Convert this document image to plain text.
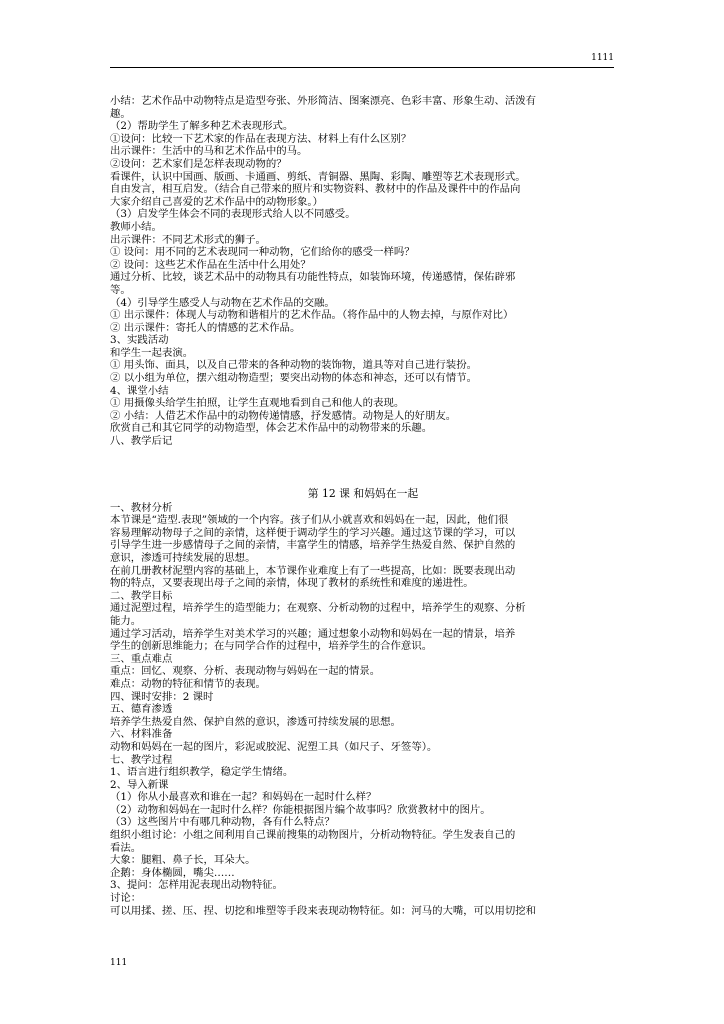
1111
小结：艺术作品中动物特点是造型夸张、外形简洁、图案漂亮、色彩丰富、形象生动、活泼有
趣。
（2）帮助学生了解多种艺术表现形式。
①设问：比较一下艺术家的作品在表现方法、材料上有什么区别？
出示课件：生活中的马和艺术作品中的马。
②设问：艺术家们是怎样表现动物的？
看课件，认识中国画、版画、卡通画、剪纸、青铜器、黑陶、彩陶、雕塑等艺术表现形式。
自由发言，相互启发。（结合自己带来的照片和实物资料、教材中的作品及课件中的作品向
大家介绍自己喜爱的艺术作品中的动物形象。）
（3）启发学生体会不同的表现形式给人以不同感受。
教师小结。
出示课件：不同艺术形式的狮子。
① 设问：用不同的艺术表现同一种动物，它们给你的感受一样吗？
② 设问：这些艺术作品在生活中什么用处？
通过分析、比较，谈艺术品中的动物具有功能性特点，如装饰环境，传递感情，保佑辟邪
等。
（4）引导学生感受人与动物在艺术作品的交融。
① 出示课件：体现人与动物和谐相片的艺术作品。（将作品中的人物去掉，与原作对比）
② 出示课件：寄托人的情感的艺术作品。
3、实践活动
和学生一起表演。
① 用头饰、面具，以及自己带来的各种动物的装饰物，道具等对自己进行装扮。
② 以小组为单位，摆六组动物造型；要突出动物的体态和神态，还可以有情节。
4、课堂小结
① 用摄像头给学生拍照，让学生直观地看到自己和他人的表现。
② 小结：人借艺术作品中的动物传递情感，抒发感情。动物是人的好朋友。
欣赏自己和其它同学的动物造型，体会艺术作品中的动物带来的乐趣。
八、教学后记
第 12 课 和妈妈在一起
一、教材分析
本节课是“造型.表现”领域的一个内容。孩子们从小就喜欢和妈妈在一起，因此，他们很
容易理解动物母子之间的亲情，这样便于调动学生的学习兴趣。通过这节课的学习，可以
引导学生进一步感情母子之间的亲情，丰富学生的情感，培养学生热爱自然、保护自然的
意识，渗透可持续发展的思想。
在前几册教材泥塑内容的基础上，本节课作业难度上有了一些提高，比如：既要表现出动
物的特点，又要表现出母子之间的亲情，体现了教材的系统性和难度的递进性。
二、教学目标
通过泥塑过程，培养学生的造型能力；在观察、分析动物的过程中，培养学生的观察、分析
能力。
通过学习活动，培养学生对美术学习的兴趣；通过想象小动物和妈妈在一起的情景，培养
学生的创新思维能力；在与同学合作的过程中，培养学生的合作意识。
三、重点难点
重点：回忆、观察、分析、表现动物与妈妈在一起的情景。
难点：动物的特征和情节的表现。
四、课时安排：2 课时
五、德育渗透
培养学生热爱自然、保护自然的意识，渗透可持续发展的思想。
六、材料准备
动物和妈妈在一起的图片，彩泥或胶泥、泥塑工具（如尺子、牙签等）。
七、教学过程
1、语言进行组织教学，稳定学生情绪。
2、导入新课
（1）你从小最喜欢和谁在一起？和妈妈在一起时什么样？
（2）动物和妈妈在一起时什么样？你能根据图片编个故事吗？欣赏教材中的图片。
（3）这些图片中有哪几种动物，各有什么特点？
组织小组讨论：小组之间利用自己课前搜集的动物图片，分析动物特征。学生发表自己的
看法。
大象：腿粗、鼻子长，耳朵大。
企鹅：身体椭圆，嘴尖……
3、提问：怎样用泥表现出动物特征。
讨论：
可以用揉、搓、压、捏、切挖和堆塑等手段来表现动物特征。如：河马的大嘴，可以用切挖和
111
